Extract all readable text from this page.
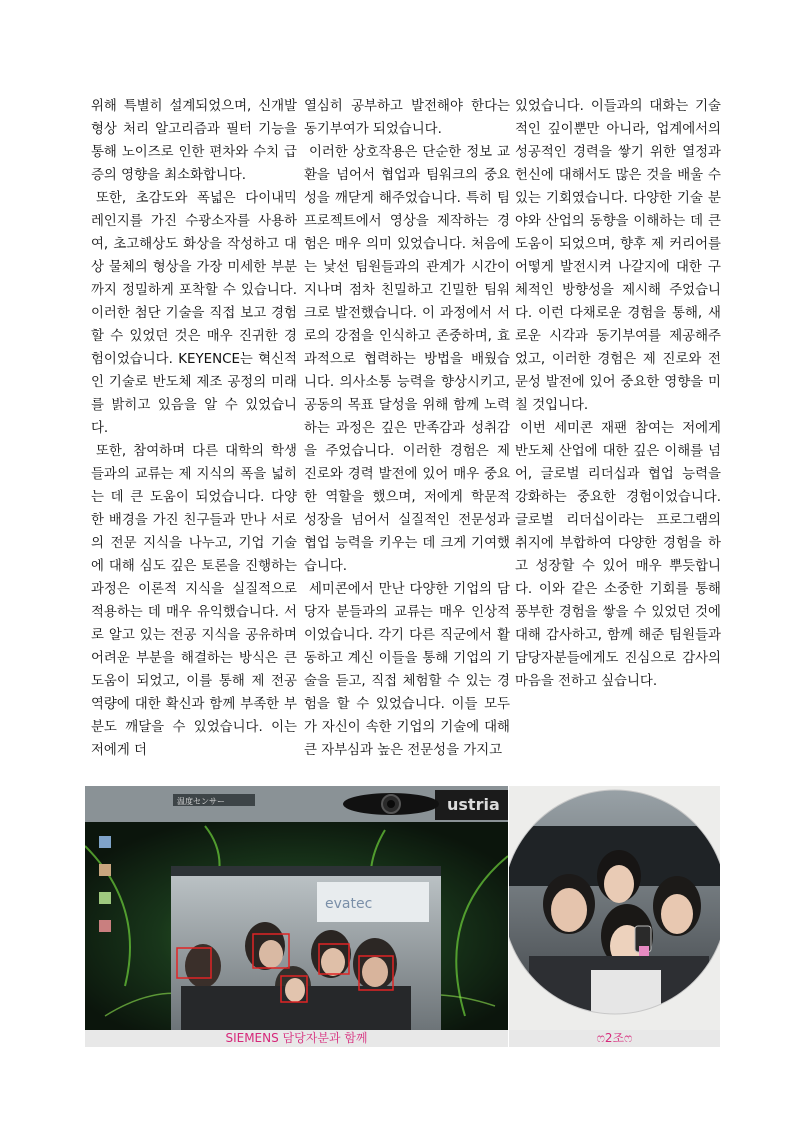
위해 특별히 설계되었으며, 신개발 형상 처리 알고리즘과 필터 기능을 통해 노이즈로 인한 편차와 수치 급증의 영향을 최소화합니다.

또한, 초감도와 폭넓은 다이내믹 레인지를 가진 수광소자를 사용하여, 초고해상도 화상을 작성하고 대상 물체의 형상을 가장 미세한 부분까지 정밀하게 포착할 수 있습니다. 이러한 첨단 기술을 직접 보고 경험할 수 있었던 것은 매우 진귀한 경험이었습니다. KEYENCE는 혁신적인 기술로 반도체 제조 공정의 미래를 밝히고 있음을 알 수 있었습니다.

또한, 참여하며 다른 대학의 학생들과의 교류는 제 지식의 폭을 넓히는 데 큰 도움이 되었습니다. 다양한 배경을 가진 친구들과 만나 서로의 전문 지식을 나누고, 기업 기술에 대해 심도 깊은 토론을 진행하는 과정은 이론적 지식을 실질적으로 적용하는 데 매우 유익했습니다. 서로 알고 있는 전공 지식을 공유하며 어려운 부분을 해결하는 방식은 큰 도움이 되었고, 이를 통해 제 전공 역량에 대한 확신과 함께 부족한 부분도 깨달을 수 있었습니다. 이는 저에게 더

열심히 공부하고 발전해야 한다는 동기부여가 되었습니다.

이러한 상호작용은 단순한 정보 교환을 넘어서 협업과 팀워크의 중요성을 깨닫게 해주었습니다. 특히 팀 프로젝트에서 영상을 제작하는 경험은 매우 의미 있었습니다. 처음에는 낯선 팀원들과의 관계가 시간이 지나며 점차 친밀하고 긴밀한 팀워크로 발전했습니다. 이 과정에서 서로의 강점을 인식하고 존중하며, 효과적으로 협력하는 방법을 배웠습니다. 의사소통 능력을 향상시키고, 공동의 목표 달성을 위해 함께 노력하는 과정은 깊은 만족감과 성취감을 주었습니다. 이러한 경험은 제 진로와 경력 발전에 있어 매우 중요한 역할을 했으며, 저에게 학문적 성장을 넘어서 실질적인 전문성과 협업 능력을 키우는 데 크게 기여했습니다.

세미콘에서 만난 다양한 기업의 담당자 분들과의 교류는 매우 인상적이었습니다. 각기 다른 직군에서 활동하고 계신 이들을 통해 기업의 기술을 듣고, 직접 체험할 수 있는 경험을 할 수 있었습니다. 이들 모두가 자신이 속한 기업의 기술에 대해 큰 자부심과 높은 전문성을 가지고

있었습니다. 이들과의 대화는 기술적인 깊이뿐만 아니라, 업계에서의 성공적인 경력을 쌓기 위한 열정과 헌신에 대해서도 많은 것을 배울 수 있는 기회였습니다. 다양한 기술 분야와 산업의 동향을 이해하는 데 큰 도움이 되었으며, 향후 제 커리어를 어떻게 발전시켜 나갈지에 대한 구체적인 방향성을 제시해 주었습니다. 이런 다채로운 경험을 통해, 새로운 시각과 동기부여를 제공해주었고, 이러한 경험은 제 진로와 전문성 발전에 있어 중요한 영향을 미칠 것입니다.

이번 세미콘 재팬 참여는 저에게 반도체 산업에 대한 깊은 이해를 넘어, 글로벌 리더십과 협업 능력을 강화하는 중요한 경험이었습니다. 글로벌 리더십이라는 프로그램의 취지에 부합하여 다양한 경험을 하고 성장할 수 있어 매우 뿌듯합니다. 이와 같은 소중한 기회를 통해 풍부한 경험을 쌓을 수 있었던 것에 대해 감사하고, 함께 해준 팀원들과 담당자분들에게도 진심으로 감사의 마음을 전하고 싶습니다.

温度センサー	ustria
evatec
SIEMENS 담당자분과 함께	ෆ2조ෆ
